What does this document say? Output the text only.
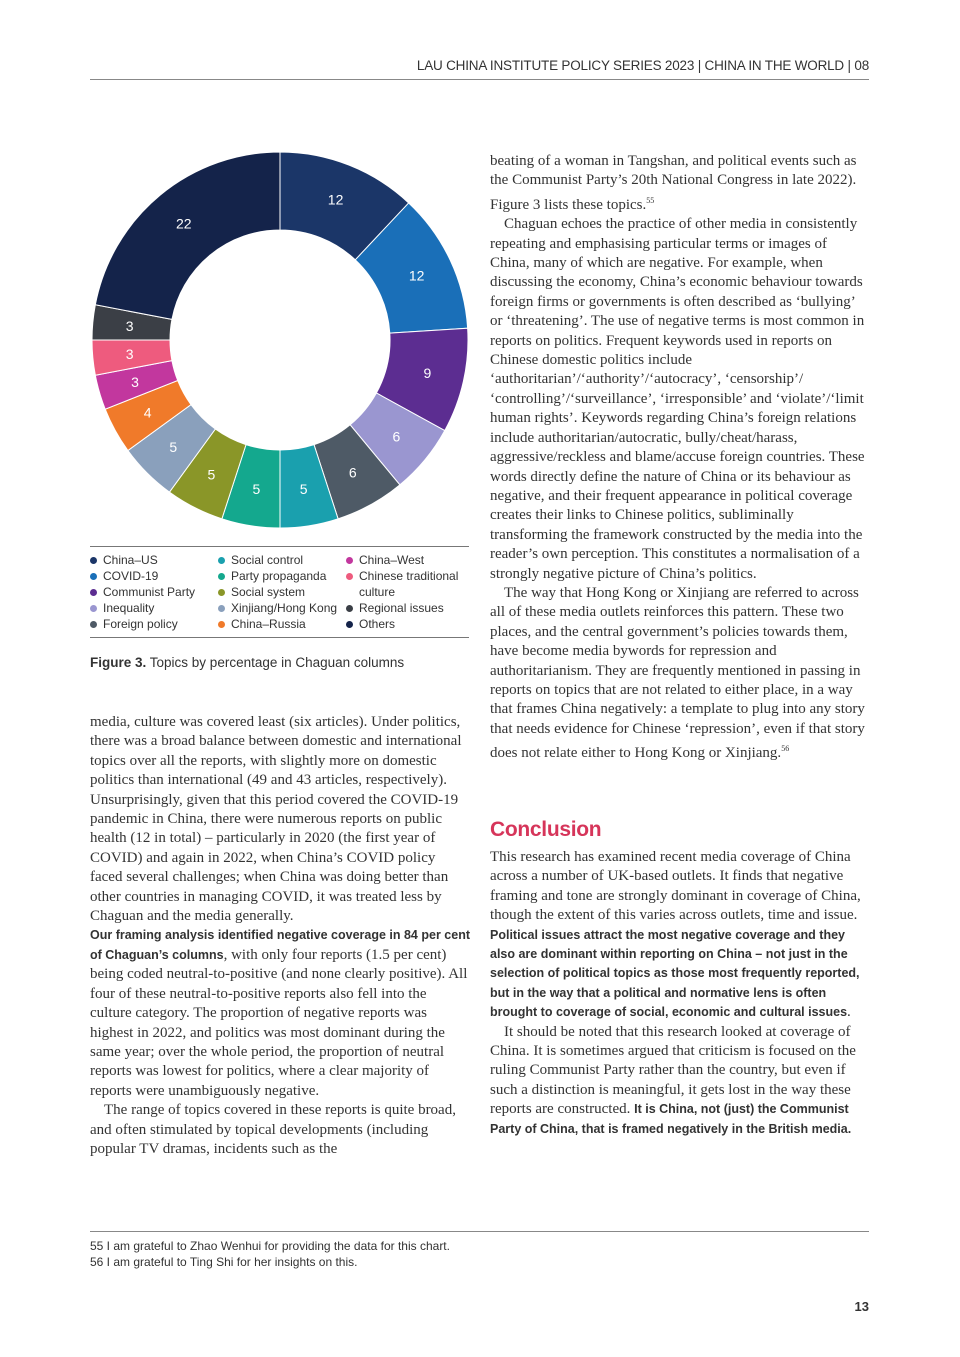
LAU CHINA INSTITUTE POLICY SERIES 2023 | CHINA IN THE WORLD | 08
12
12
9
6
6
5
5
5
5
4
3
3
3
22
China–US
COVID-19
Communist Party
Inequality
Foreign policy
Social control
Party propaganda
Social system
Xinjiang/Hong Kong
China–Russia
China–West
Chinese traditional culture
Regional issues
Others
Figure 3. Topics by percentage in Chaguan columns

media, culture was covered least (six articles). Under politics, there was a broad balance between domestic and international topics over all the reports, with slightly more on domestic politics than international (49 and 43 articles, respectively). Unsurprisingly, given that this period covered the COVID-19 pandemic in China, there were numerous reports on public health (12 in total) – particularly in 2020 (the first year of COVID) and again in 2022, when China’s COVID policy faced several challenges; when China was doing better than other countries in managing COVID, it was treated less by Chaguan and the media generally.

Our framing analysis identified negative coverage in 84 per cent of Chaguan’s columns, with only four reports (1.5 per cent) being coded neutral-to-positive (and none clearly positive). All four of these neutral-to-positive reports also fell into the culture category. The proportion of negative reports was highest in 2022, and politics was most dominant during the same year; over the whole period, the proportion of neutral reports was lowest for politics, where a clear majority of reports were unambiguously negative.

The range of topics covered in these reports is quite broad, and often stimulated by topical developments (including popular TV dramas, incidents such as the

beating of a woman in Tangshan, and political events such as the Communist Party’s 20th National Congress in late 2022). Figure 3 lists these topics.$^{55}$

Chaguan echoes the practice of other media in consistently repeating and emphasising particular terms or images of China, many of which are negative. For example, when discussing the economy, China’s economic behaviour towards foreign firms or governments is often described as ‘bullying’ or ‘threatening’. The use of negative terms is most common in reports on politics. Frequent keywords used in reports on Chinese domestic politics include ‘authoritarian’/‘authority’/‘autocracy’, ‘censorship’/ ‘controlling’/‘surveillance’, ‘irresponsible’ and ‘violate’/‘limit human rights’. Keywords regarding China’s foreign relations include authoritarian/autocratic, bully/cheat/harass, aggressive/reckless and blame/accuse foreign countries. These words directly define the nature of China or its behaviour as negative, and their frequent appearance in political coverage creates their links to Chinese politics, subliminally transforming the framework constructed by the media into the reader’s own perception. This constitutes a normalisation of a strongly negative picture of China’s politics.

The way that Hong Kong or Xinjiang are referred to across all of these media outlets reinforces this pattern. These two places, and the central government’s policies towards them, have become media bywords for repression and authoritarianism. They are frequently mentioned in passing in reports on topics that are not related to either place, in a way that frames China negatively: a template to plug into any story that needs evidence for Chinese ‘repression’, even if that story does not relate either to Hong Kong or Xinjiang.$^{56}$

Conclusion

This research has examined recent media coverage of China across a number of UK-based outlets. It finds that negative framing and tone are strongly dominant in coverage of China, though the extent of this varies across outlets, time and issue. Political issues attract the most negative coverage and they also are dominant within reporting on China – not just in the selection of political topics as those most frequently reported, but in the way that a political and normative lens is often brought to coverage of social, economic and cultural issues.

It should be noted that this research looked at coverage of China. It is sometimes argued that criticism is focused on the ruling Communist Party rather than the country, but even if such a distinction is meaningful, it gets lost in the way these reports are constructed. It is China, not (just) the Communist Party of China, that is framed negatively in the British media.

55 I am grateful to Zhao Wenhui for providing the data for this chart.
56 I am grateful to Ting Shi for her insights on this.
13
